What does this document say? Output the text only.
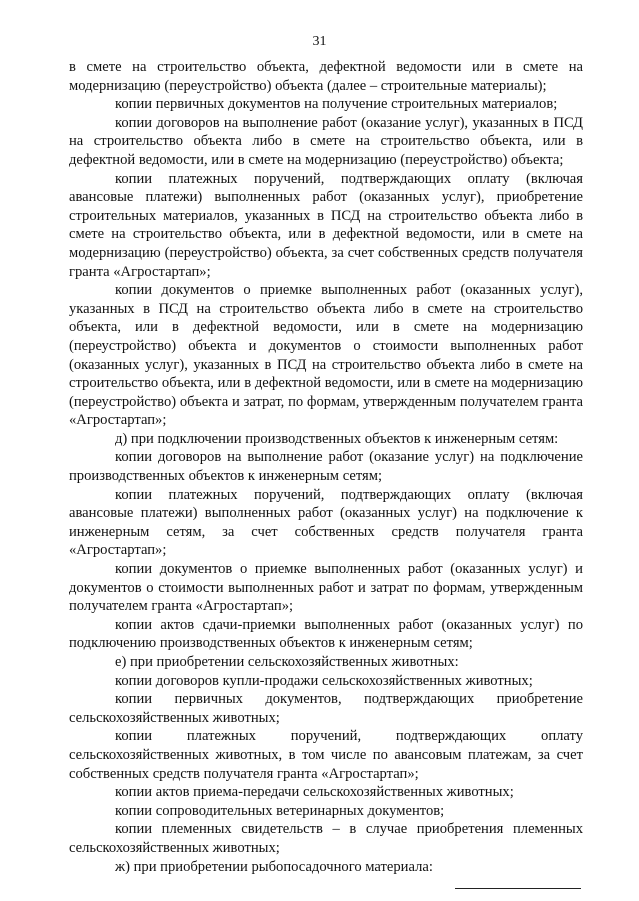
31

в смете на строительство объекта, дефектной ведомости или в смете на модернизацию (переустройство) объекта (далее – строительные материалы);

копии первичных документов на получение строительных материалов;

копии договоров на выполнение работ (оказание услуг), указанных в ПСД на строительство объекта либо в смете на строительство объекта, или в дефектной ведомости, или в смете на модернизацию (переустройство) объекта;

копии платежных поручений, подтверждающих оплату (включая авансовые платежи) выполненных работ (оказанных услуг), приобретение строительных материалов, указанных в ПСД на строительство объекта либо в смете на строительство объекта, или в дефектной ведомости, или в смете на модернизацию (переустройство) объекта, за счет собственных средств получателя гранта «Агростартап»;

копии документов о приемке выполненных работ (оказанных услуг), указанных в ПСД на строительство объекта либо в смете на строительство объекта, или в дефектной ведомости, или в смете на модернизацию (переустройство) объекта и документов о стоимости выполненных работ (оказанных услуг), указанных в ПСД на строительство объекта либо в смете на строительство объекта, или в дефектной ведомости, или в смете на модернизацию (переустройство) объекта и затрат, по формам, утвержденным получателем гранта «Агростартап»;

д) при подключении производственных объектов к инженерным сетям:

копии договоров на выполнение работ (оказание услуг) на подключение производственных объектов к инженерным сетям;

копии платежных поручений, подтверждающих оплату (включая авансовые платежи) выполненных работ (оказанных услуг) на подключение к инженерным сетям, за счет собственных средств получателя гранта «Агростартап»;

копии документов о приемке выполненных работ (оказанных услуг) и документов о стоимости выполненных работ и затрат по формам, утвержденным получателем гранта «Агростартап»;

копии актов сдачи-приемки выполненных работ (оказанных услуг) по подключению производственных объектов к инженерным сетям;

е) при приобретении сельскохозяйственных животных:

копии договоров купли-продажи сельскохозяйственных животных;

копии первичных документов, подтверждающих приобретение сельскохозяйственных животных;

копии платежных поручений, подтверждающих оплату сельскохозяйственных животных, в том числе по авансовым платежам, за счет собственных средств получателя гранта «Агростартап»;

копии актов приема-передачи сельскохозяйственных животных;

копии сопроводительных ветеринарных документов;

копии племенных свидетельств – в случае приобретения племенных сельскохозяйственных животных;

ж) при приобретении рыбопосадочного материала:
